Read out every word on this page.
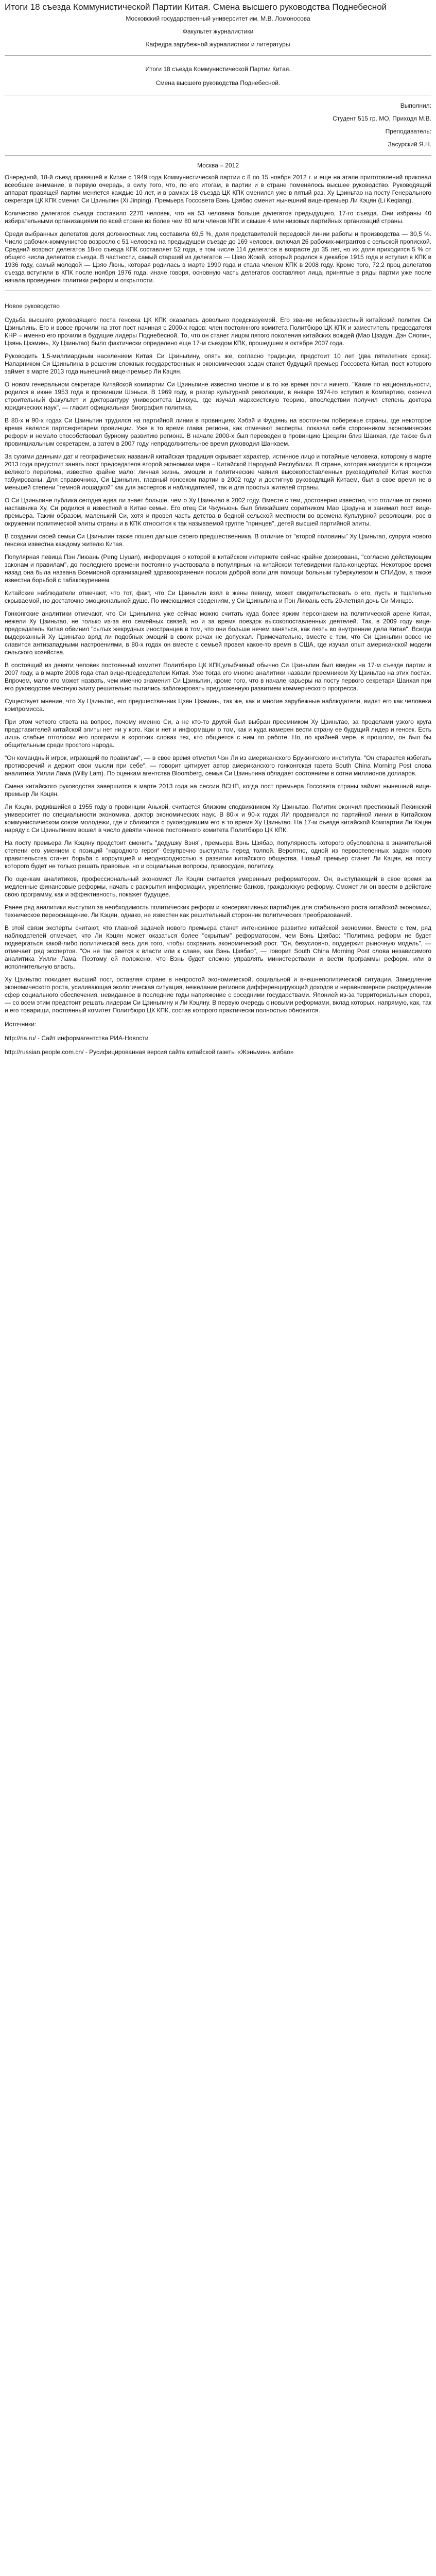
Итоги 18 съезда Коммунистической Партии Китая. Смена высшего руководства Поднебесной

Московский государственный университет им. М.В. Ломоносова

Факультет журналистики

Кафедра зарубежной журналистики и литературы

Итоги 18 съезда Коммунистической Партии Китая.
Смена высшего руководства Поднебесной.

Выполнил:

Студент 515 гр. МО, Приходя М.В.

Преподаватель:

Засурский Я.Н.

Москва – 2012

Очередной, 18-й съезд правящей в Китае с 1949 года Коммунистической партии с 8 по 15 ноября 2012 г. и еще на этапе приготовлений приковал всеобщее внимание, в первую очередь, в силу того, что, по его итогам, в партии и в стране поменялось высшее руководство. Руководящий аппарат правящей партии меняется каждые 10 лет, и в рамках 18 съезда ЦК КПК сменился уже в пятый раз. Ху Цзиньтао на посту Генерального секретаря ЦК КПК сменил Си Цзиньпин (Xi Jinping). Премьера Госсовета Вэнь Цзябао сменит нынешний вице-премьер Ли Кэцян (Li Keqiang).

Количество делегатов съезда составило 2270 человек, что на 53 человека больше делегатов предыдущего, 17-го съезда. Они избраны 40 избирательными организациями по всей стране из более чем 80 млн членов КПК и свыше 4 млн низовых партийных организаций страны.

Среди выбранных делегатов доля должностных лиц составила 69,5 %, доля представителей передовой линии работы и производства — 30,5 %. Число рабочих-коммунистов возросло с 51 человека на предыдущем съезде до 169 человек, включая 26 рабочих-мигрантов с сельской пропиской. Средний возраст делегатов 18-го съезда КПК составляет 52 года, в том числе 114 делегатов в возрасте до 35 лет, но их доля приходится 5 % от общего числа делегатов съезда. В частности, самый старший из делегатов — Цзяо Жоюй, который родился в декабре 1915 года и вступил в КПК в 1936 году, самый молодой — Цзяо Люнь, которая родилась в марте 1990 года и стала членом КПК в 2008 году. Кроме того, 72,2 проц делегатов съезда вступили в КПК после ноября 1976 года, иначе говоря, основную часть делегатов составляют лица, принятые в ряды партии уже после начала проведения политики реформ и открытости.

Новое руководство

Судьба высшего руководящего поста генсека ЦК КПК оказалась довольно предсказуемой. Его звание небезызвестный китайский политик Си Цзиньпинь. Его и вовсе прочили на этот пост начиная с 2000-х годов: член постоянного комитета Политбюро ЦК КПК и заместитель председателя КНР – именно его прочили в будущие лидеры Поднебесной. То, что он станет лицом пятого поколения китайских вождей (Мао Цзэдун, Дэн Сяопин, Цзянь Цзэминь, Ху Цзиньтао) было фактически определено еще 17-м съездом КПК, прошедшем в октябре 2007 года.

Руководить 1,5-миллиардным населением Китая Си Цзиньпину, опять же, согласно традиции, предстоит 10 лет (два пятилетних срока). Напарником Си Цзиньпина в решении сложных государственных и экономических задач станет будущий премьер Госсовета Китая, пост которого займет в марте 2013 года нынешний вице-премьер Ли Кэцян.

О новом генеральном секретаре Китайской компартии Си Цзиньпине известно многое и в то же время почти ничего. "Какие по национальности, родился в июне 1953 года в провинции Шэньси. В 1969 году, в разгар культурной революции, в январе 1974-го вступил в Компартию, окончил строительный факультет и докторантуру университета Цинхуа, где изучал марксистскую теорию, впоследствии получил степень доктора юридических наук", — гласит официальная биография политика.

В 80-х и 90-х годах Си Цзиньпин трудился на партийной линии в провинциях Хэбэй и Фуцзянь на восточном побережье страны, где некоторое время являлся партсекретарем провинции. Уже в то время глава региона, как отмечают эксперты, показал себя сторонником экономических реформ и немало способствовал бурному развитию региона. В начале 2000-х был переведен в провинцию Цзецзян близ Шанхая, где также был провинциальным секретарем, а затем в 2007 году непродолжительное время руководил Шанхаем.

За сухими данными дат и географических названий китайская традиция скрывает характер, истинное лицо и потайные человека, которому в марте 2013 года предстоит занять пост председателя второй экономики мира – Китайской Народной Республики. В стране, которая находится в процессе великого перелома, известно крайне мало: личная жизнь, эмоции и политические чаяния высокопоставленных руководителей Китая жестко табуированы. Для справочника, Си Цзиньпин, главный гонсеком партии в 2002 году и достигнув руководящий Китаем, был в свое время не в меньшей степени "темной лошадкой" как для экспертов и наблюдателей, так и для простых жителей страны.

О Си Цзиньпине публика сегодня едва ли знает больше, чем о Ху Цзиньтао в 2002 году. Вместе с тем, достоверно известно, что отличие от своего наставника Ху, Си родился в известной в Китае семье. Его отец Си Чжуньюнь был ближайшим соратником Мао Цзэдуна и занимал пост вице-премьера. Таким образом, маленький Си, хотя и провел часть детства в бедной сельской местности во времена Культурной революции, рос в окружении политической элиты страны и в КПК относится к так называемой группе "принцев", детей высшей партийной элиты.

В создании своей семьи Си Цзиньпин также пошел дальше своего предшественника. В отличие от "второй половины" Ху Цзиньтао, супруга нового генсека известна каждому жителю Китая.

Популярная певица Пэн Лиюань (Peng Liyuan), информация о которой в китайском интернете сейчас крайне дозирована, "согласно действующим законам и правилам", до последнего времени постоянно участвовала в популярных на китайском телевидении гала-концертах. Некоторое время назад она была названа Всемирной организацией здравоохранения послом доброй воли для помощи больным туберкулезом и СПИДом, а также известна борьбой с табакокурением.

Китайские наблюдатели отмечают, что тот, факт, что Си Цзиньпин взял в жены певицу, может свидетельствовать о его, пусть и тщательно скрываемой, но достаточно эмоциональной душе. По имеющимся сведениям, у Си Цзиньпина и Пэн Лиюань есть 20-летняя дочь Си Минцзэ.

Гонконгские аналитики отмечают, что Си Цзиньпина уже сейчас можно считать куда более ярким персонажем на политической арене Китая, нежели Ху Цзиньтао, не только из-за его семейных связей, но и за время поездок высокопоставленных деятелей. Так, в 2009 году вице-председатель Китая обвинил "сытых жекрудных иностранцев в том, что они больше нечем заняться, как лезть во внутренние дела Китая". Всегда выдержанный Ху Цзиньтао вряд ли подобных эмоций в своих речах не допускал. Примечательно, вместе с тем, что Си Цзиньпин вовсе не славится антизападными настроениями, в 80-х годах он вместе с семьей провел какое-то время в США, где изучал опыт американской модели сельского хозяйства.

В состоящий из девяти человек постоянный комитет Политбюро ЦК КПК,улыбчивый обычно Си Цзиньпин был введен на 17-м съезде партии в 2007 году, а в марте 2008 года стал вице-председателем Китая. Уже тогда его многие аналитики назвали преемником Ху Цзиньтао на этих постах. Впрочем, мало кто может назвать, чем именно знаменит Си Цзиньпин, кроме того, что в начале карьеры на посту первого секретаря Шанхая при его руководстве местную элиту решительно пытались заблокировать предложенную развитием коммерческого прогресса.

Существует мнение, что Ху Цзиньтао, его предшественник Цзян Цзэминь, так же, как и многие зарубежные наблюдатели, видят его как человека компромисса.

При этом четкого ответа на вопрос, почему именно Си, а не кто-то другой был выбран преемником Ху Цзиньтао, за пределами узкого круга представителей китайской элиты нет ни у кого. Как и нет и информации о том, как и куда намерен вести страну ее будущий лидер и генсек. Есть лишь слабые отголоски его программ в коротких словах тех, кто общается с ним по работе. Но, по крайней мере, в прошлом, он был бы общительным среди простого народа.

"Он командный игрок, играющий по правилам", — в свое время отметил Чэн Ли из американского Брукингского института. "Он старается избегать противоречий и держит свои мысли при себе", — говорит цитирует автор американского гонконгская газета South China Morning Post слова аналитика Уилли Лама (Willy Lam). По оценкам агентства Bloomberg, семья Си Цзиньпина обладает состоянием в сотни миллионов долларов.

Смена китайского руководства завершится в марте 2013 года на сессии ВСНП, когда пост премьера Госсовета страны займет нынешний вице-премьер Ли Кэцян.

Ли Кэцян, родившийся в 1955 году в провинции Аньхой, считается близким сподвижником Ху Цзиньтао. Политик окончил престижный Пекинский университет по специальности экономика, доктор экономических наук. В 80-х и 90-х годах ЛИ продвигался по партийной линии в Китайском коммунистическом союзе молодежи, где и сблизился с руководившим его в то время Ху Цзиньтао. На 17-м съезде китайской Компартии Ли Кэцян наряду с Си Цзиньпином вошел в число девяти членов постоянного комитета Политбюро ЦК КПК.

На посту премьера Ли Кэцяну предстоит сменить "дедушку Вэня", премьера Вэнь Цзябао, популярность которого обусловлена в значительной степени его умением с позиций "народного героя" безупречно выступать перед толпой. Вероятно, одной из первостепенных задач нового правительства станет борьба с коррупцией и неоднородностью в развитии китайского общества. Новый премьер станет Ли Кэцян, на посту которого будет не только решать правовые, но и социальные вопросы, правосудие, политику.

По оценкам аналитиков, профессиональный экономист Ли Кэцян считается умеренным реформатором. Он, выступающий в свое время за медленные финансовые реформы, начать с раскрытия информации, укрепление банков, гражданскую реформу. Сможет ли он ввести в действие свою программу, как и эффективность, покажет будущее.

Ранее ряд аналитики выступил за необходимость политических реформ и консервативных партийцев для стабильного роста китайской экономики, техническое переоснащение. Ли Кэцян, однако, не известен как решительный сторонник политических преобразований.

В этой связи эксперты считают, что главной задачей нового премьера станет интенсивное развитие китайской экономики. Вместе с тем, ряд наблюдателей отмечает, что Ли Кэцян может оказаться более "скрытым" реформатором, чем Вэнь Цзябао: "Политика реформ не будет подвергаться какой-либо политической весь для того, чтобы сохранить экономический рост. "Он, безусловно, поддержит рыночную модель", — отмечает ряд экспертов. "Он не так рвется к власти или к славе, как Вэнь Цзябао", — говорит South China Morning Post слова независимого аналитика Уилли Лама. Поэтому ей положено, что Вэнь будет сложно управлять министерствами и вести программы реформ, или в исполнительную власть.

Ху Цзиньтао покидает высший пост, оставляя стране в непростой экономической, социальной и внешнеполитической ситуации. Замедление экономического роста, усиливающая экологическая ситуация, нежелание регионов дифференцирующий доходов и неравномерное распределение сфер социального обеспечения, невиданное в последние годы напряжение с соседними государствами. Японией из-за территориальных споров, — со всем этим предстоит решать лидерам Си Цзиньпину и Ли Кэцяну. В первую очередь с новыми реформами, вклад которых, напрямую, как, так и его товарищи, постоянный комитет Политбюро ЦК КПК, состав которого практически полностью обновится.

Источники:

http://ria.ru/ - Сайт информагентства РИА-Новости

http://russian.people.com.cn/ - Русифицированная версия сайта китайской газеты «Жэньминь жибао»
